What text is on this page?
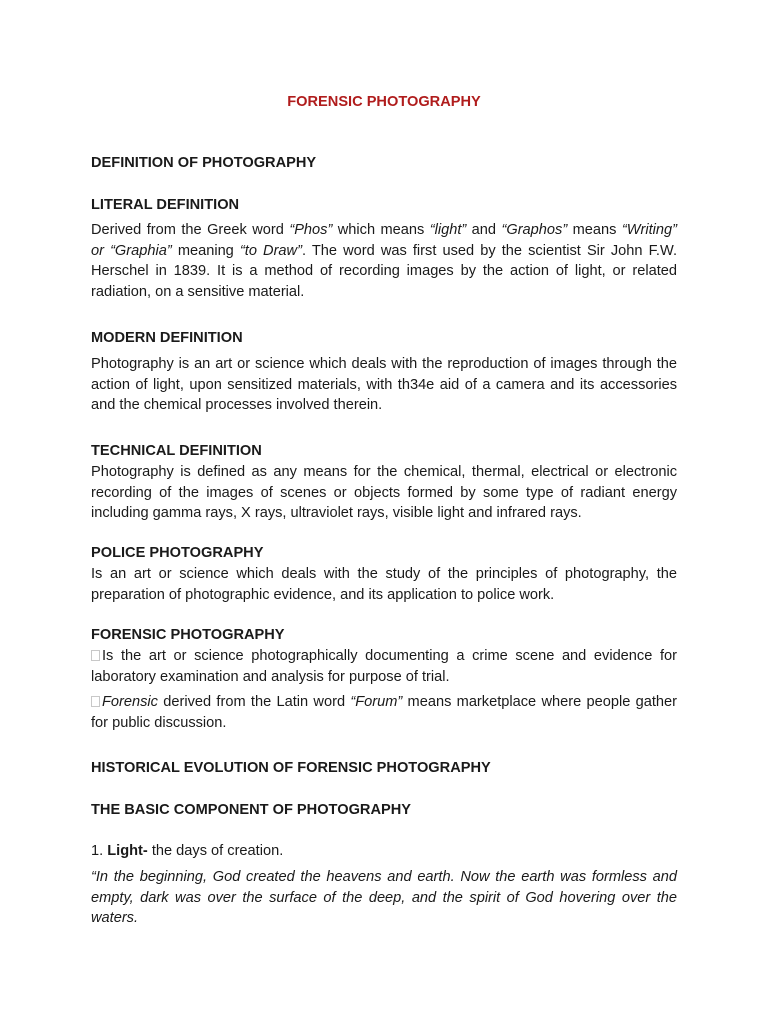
FORENSIC PHOTOGRAPHY
DEFINITION OF PHOTOGRAPHY
LITERAL DEFINITION
Derived from the Greek word “Phos” which means “light” and “Graphos” means “Writing” or “Graphia” meaning “to Draw”. The word was first used by the scientist Sir John F.W. Herschel in 1839. It is a method of recording images by the action of light, or related radiation, on a sensitive material.
MODERN DEFINITION
Photography is an art or science which deals with the reproduction of images through the action of light, upon sensitized materials, with th34e aid of a camera and its accessories and the chemical processes involved therein.
TECHNICAL DEFINITION
Photography is defined as any means for the chemical, thermal, electrical or electronic recording of the images of scenes or objects formed by some type of radiant energy including gamma rays, X rays, ultraviolet rays, visible light and infrared rays.
POLICE PHOTOGRAPHY
Is an art or science which deals with the study of the principles of photography, the preparation of photographic evidence, and its application to police work.
FORENSIC PHOTOGRAPHY
Is the art or science photographically documenting a crime scene and evidence for laboratory examination and analysis for purpose of trial.
Forensic derived from the Latin word “Forum” means marketplace where people gather for public discussion.
HISTORICAL EVOLUTION OF FORENSIC PHOTOGRAPHY
THE BASIC COMPONENT OF PHOTOGRAPHY
1. Light- the days of creation.
“In the beginning, God created the heavens and earth. Now the earth was formless and empty, dark was over the surface of the deep, and the spirit of God hovering over the waters.
